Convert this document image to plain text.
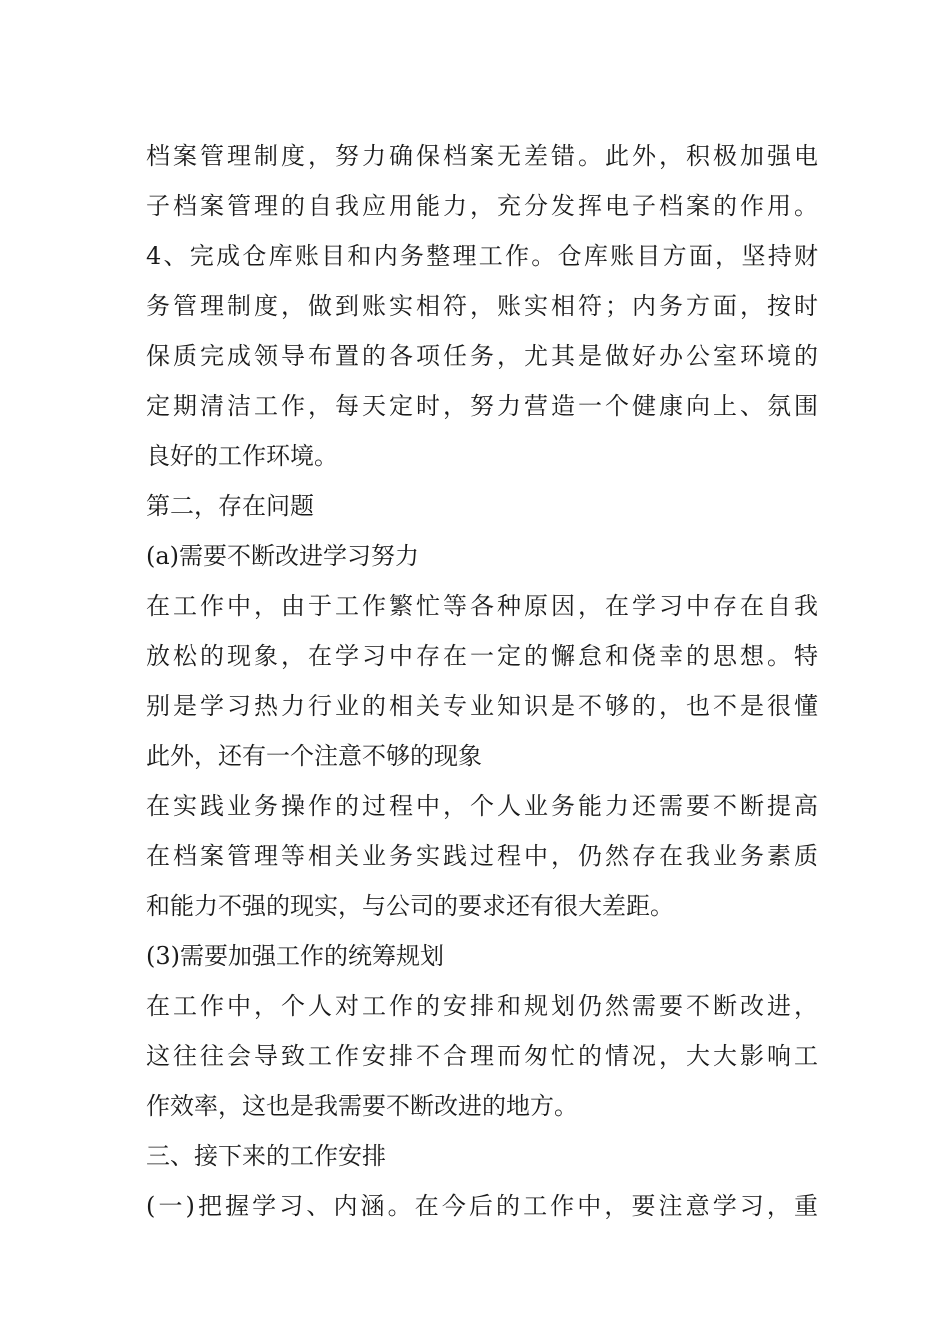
档案管理制度，努力确保档案无差错。此外，积极加强电
子档案管理的自我应用能力，充分发挥电子档案的作用。
4、完成仓库账目和内务整理工作。仓库账目方面，坚持财
务管理制度，做到账实相符，账实相符；内务方面，按时
保质完成领导布置的各项任务，尤其是做好办公室环境的
定期清洁工作，每天定时，努力营造一个健康向上、氛围
良好的工作环境。
第二，存在问题
(a)需要不断改进学习努力
在工作中，由于工作繁忙等各种原因，在学习中存在自我
放松的现象，在学习中存在一定的懈怠和侥幸的思想。特
别是学习热力行业的相关专业知识是不够的，也不是很懂
此外，还有一个注意不够的现象
在实践业务操作的过程中，个人业务能力还需要不断提高
在档案管理等相关业务实践过程中，仍然存在我业务素质
和能力不强的现实，与公司的要求还有很大差距。
(3)需要加强工作的统筹规划
在工作中，个人对工作的安排和规划仍然需要不断改进，
这往往会导致工作安排不合理而匆忙的情况，大大影响工
作效率，这也是我需要不断改进的地方。
三、接下来的工作安排
(一)把握学习、内涵。在今后的工作中，要注意学习，重
